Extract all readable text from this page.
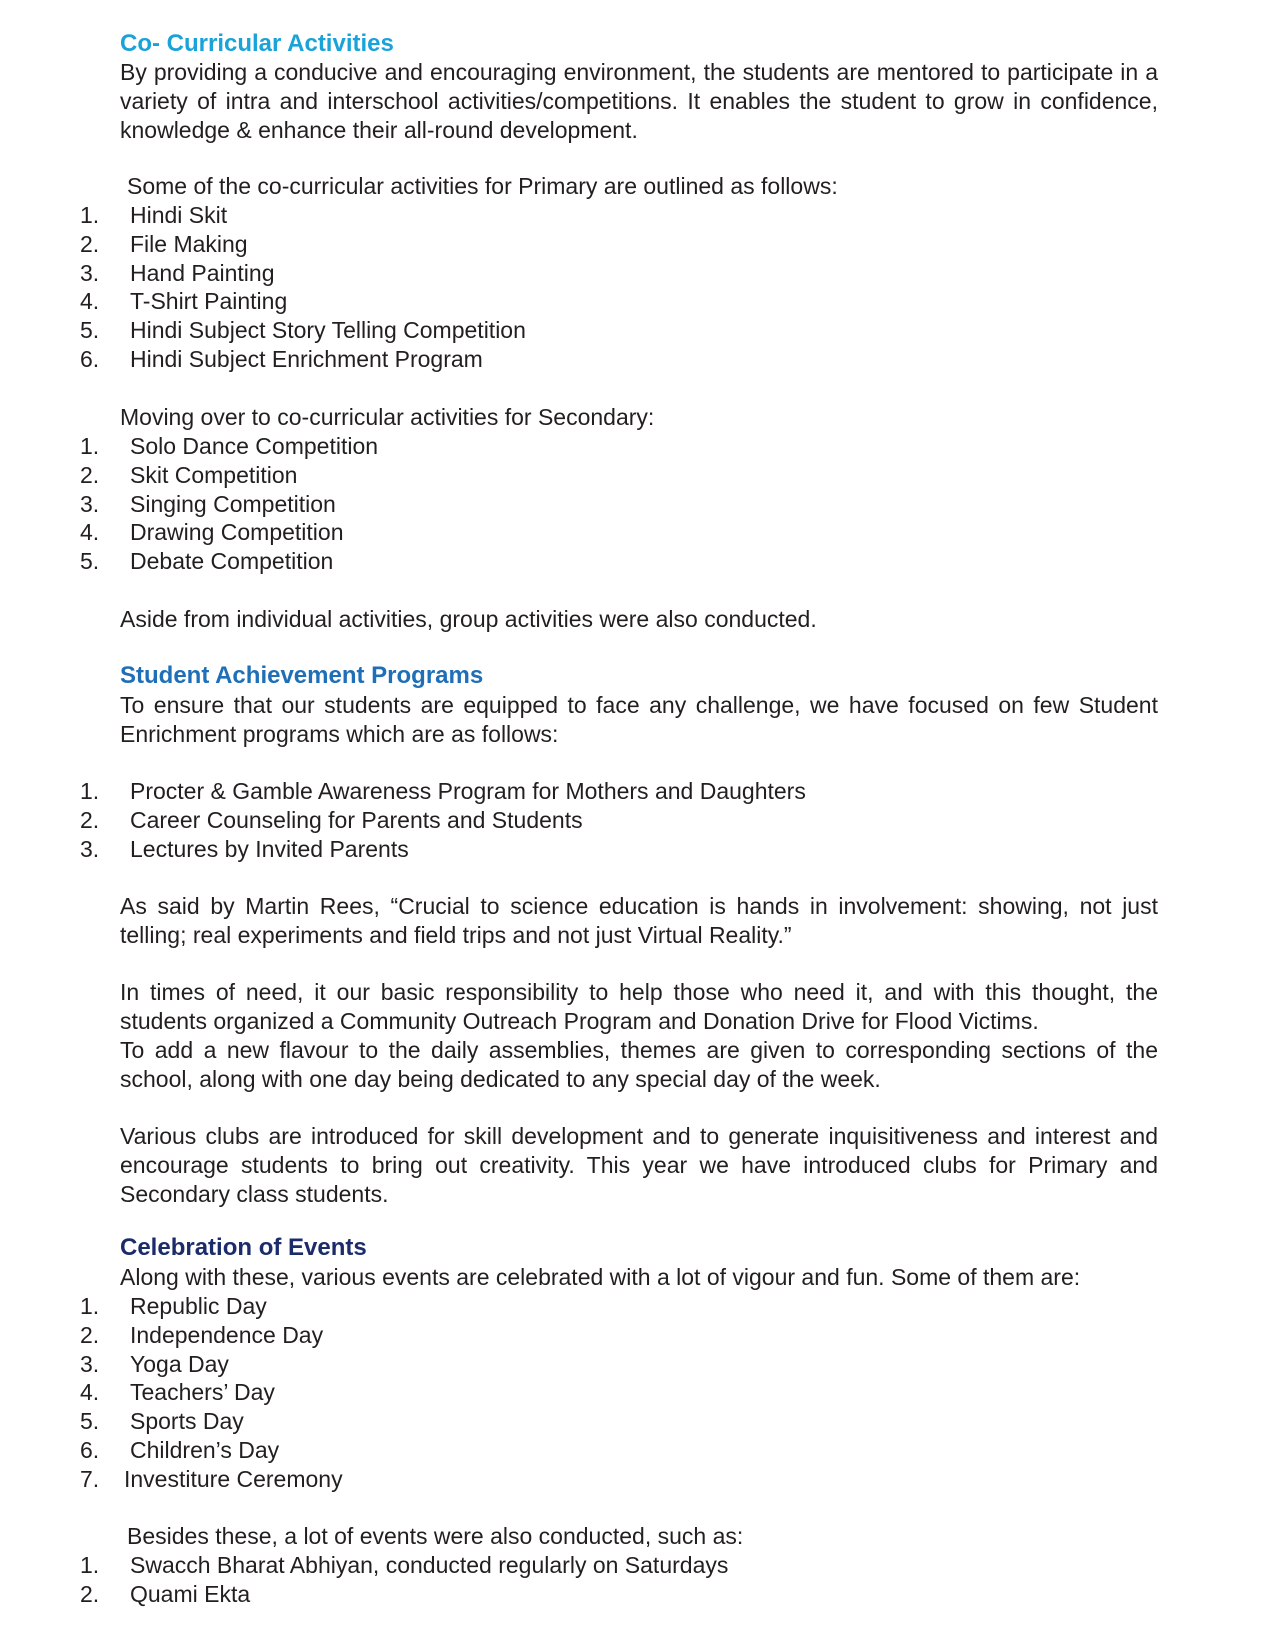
Co- Curricular Activities

By providing a conducive and encouraging environment, the students are mentored to participate in a variety of intra and interschool activities/competitions. It enables the student to grow in confidence, knowledge & enhance their all-round development.

Some of the co-curricular activities for Primary are outlined as follows:

1. Hindi Skit
2. File Making
3. Hand Painting
4. T-Shirt Painting
5. Hindi Subject Story Telling Competition
6. Hindi Subject Enrichment Program

Moving over to co-curricular activities for Secondary:

1. Solo Dance Competition
2. Skit Competition
3. Singing Competition
4. Drawing Competition
5. Debate Competition

Aside from individual activities, group activities were also conducted.

Student Achievement Programs

To ensure that our students are equipped to face any challenge, we have focused on few Student Enrichment programs which are as follows:

1. Procter & Gamble Awareness Program for Mothers and Daughters
2. Career Counseling for Parents and Students
3. Lectures by Invited Parents

As said by Martin Rees, “Crucial to science education is hands in involvement: showing, not just telling; real experiments and field trips and not just Virtual Reality.”

In times of need, it our basic responsibility to help those who need it, and with this thought, the students organized a Community Outreach Program and Donation Drive for Flood Victims.

To add a new flavour to the daily assemblies, themes are given to corresponding sections of the school, along with one day being dedicated to any special day of the week.

Various clubs are introduced for skill development and to generate inquisitiveness and interest and encourage students to bring out creativity. This year we have introduced clubs for Primary and Secondary class students.

Celebration of Events

Along with these, various events are celebrated with a lot of vigour and fun. Some of them are:

1. Republic Day
2. Independence Day
3. Yoga Day
4. Teachers’ Day
5. Sports Day
6. Children’s Day
7. Investiture Ceremony

Besides these, a lot of events were also conducted, such as:

1. Swacch Bharat Abhiyan, conducted regularly on Saturdays
2. Quami Ekta
